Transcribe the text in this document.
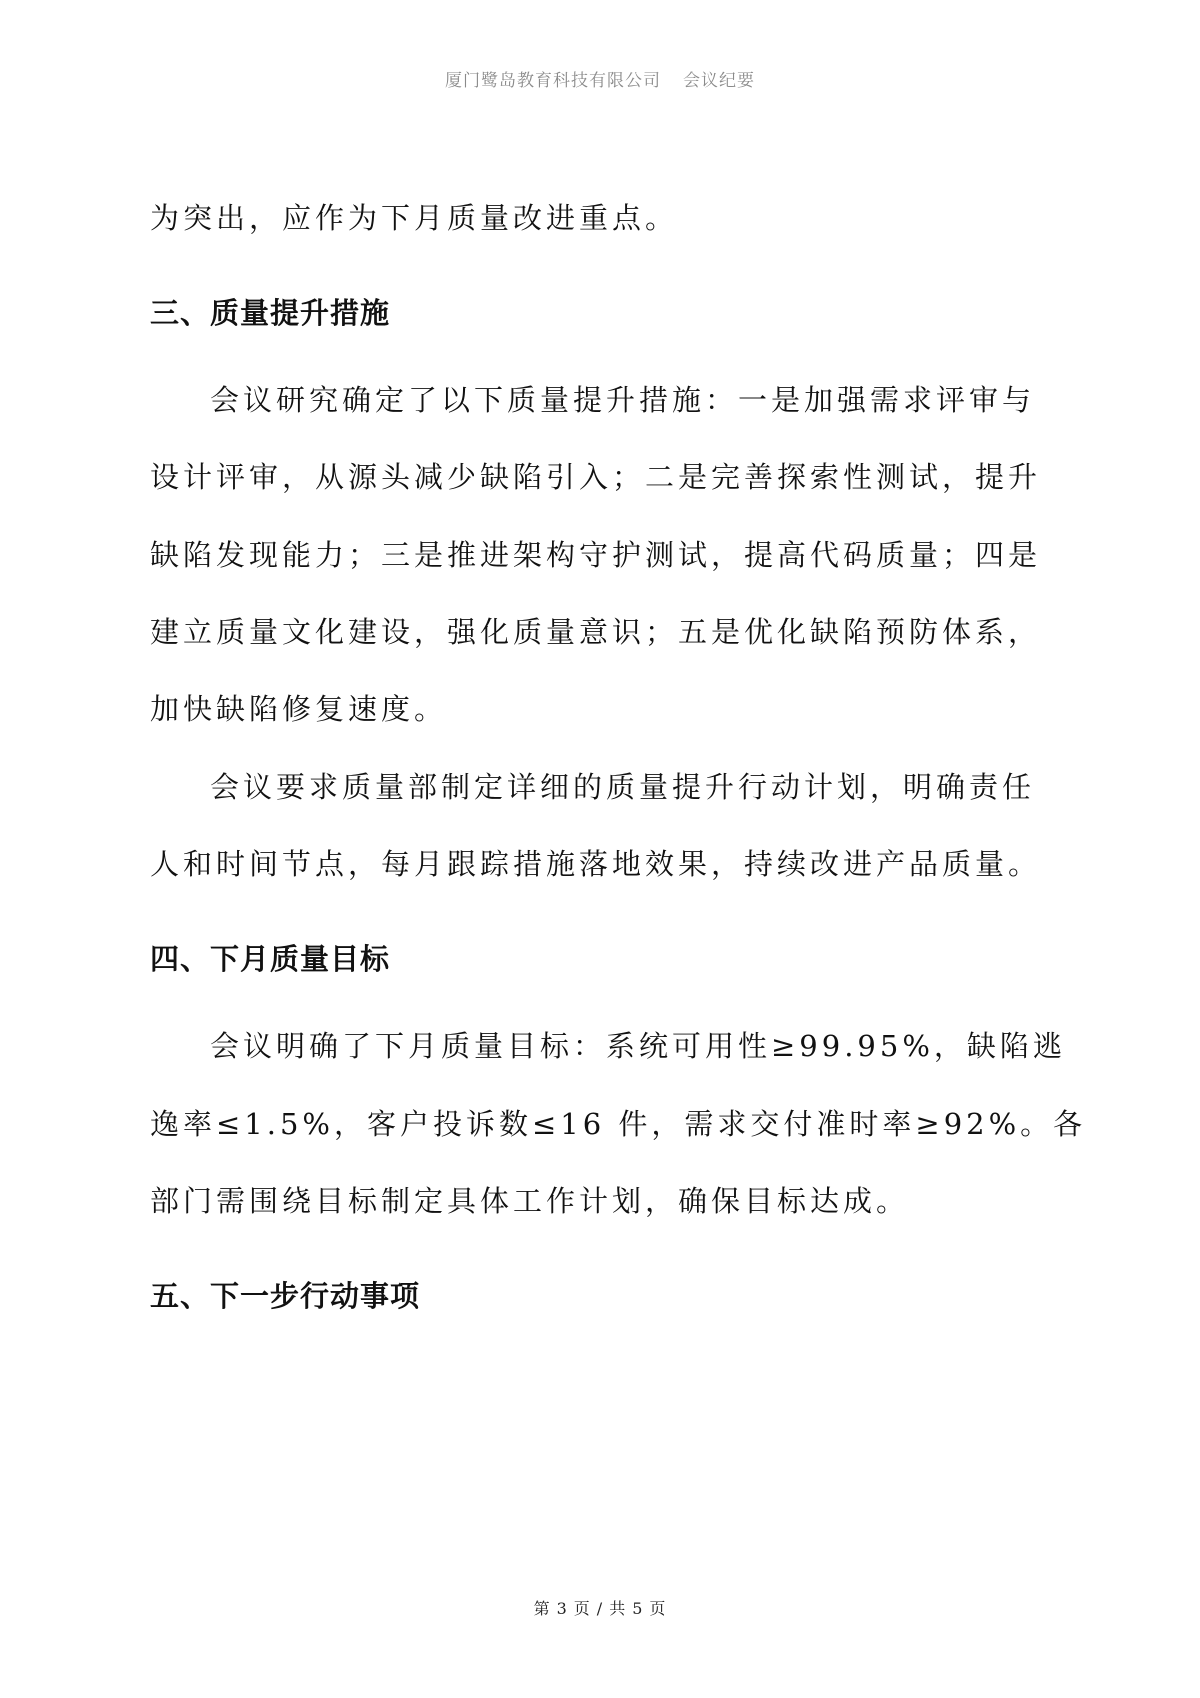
厦门鹭岛教育科技有限公司 会议纪要
为突出，应作为下月质量改进重点。
三、质量提升措施
会议研究确定了以下质量提升措施：一是加强需求评审与
设计评审，从源头减少缺陷引入；二是完善探索性测试，提升
缺陷发现能力；三是推进架构守护测试，提高代码质量；四是
建立质量文化建设，强化质量意识；五是优化缺陷预防体系，
加快缺陷修复速度。
会议要求质量部制定详细的质量提升行动计划，明确责任
人和时间节点，每月跟踪措施落地效果，持续改进产品质量。
四、下月质量目标
会议明确了下月质量目标：系统可用性≥99.95%，缺陷逃
逸率≤1.5%，客户投诉数≤16 件，需求交付准时率≥92%。各
部门需围绕目标制定具体工作计划，确保目标达成。
五、下一步行动事项
第 3 页 / 共 5 页
